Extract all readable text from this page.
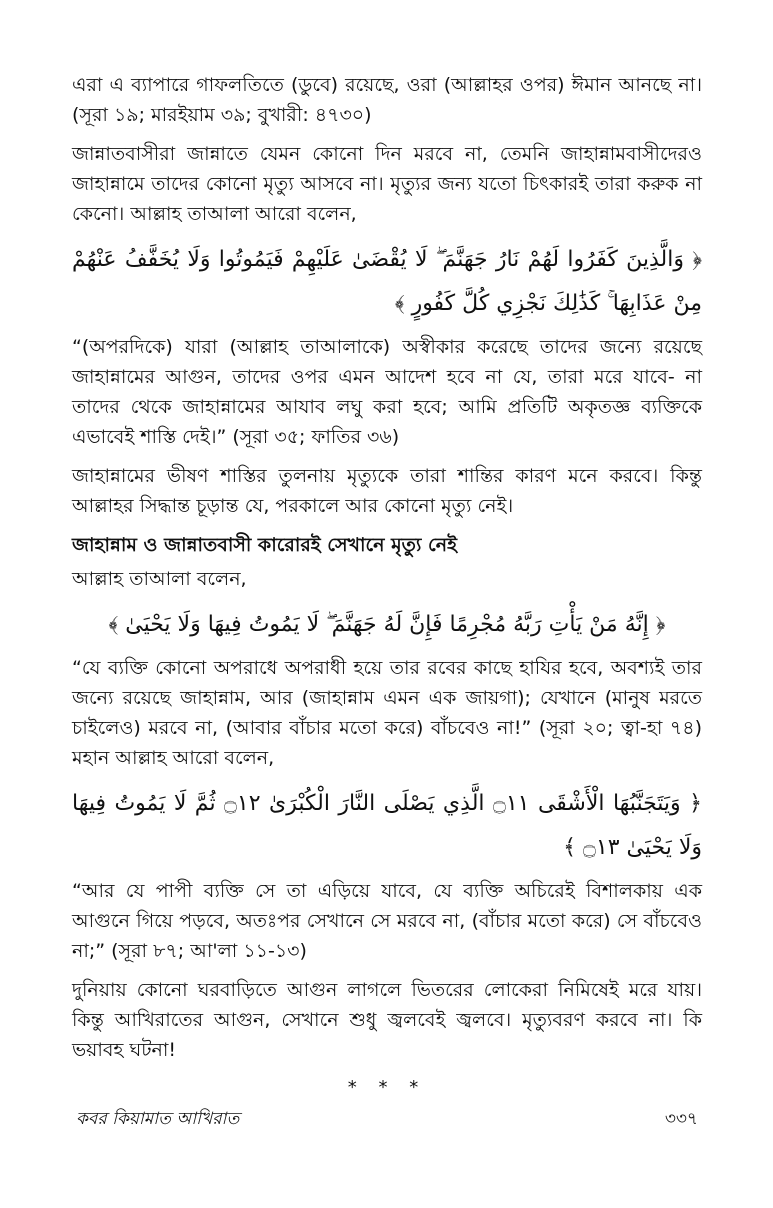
এরা এ ব্যাপারে গাফলতিতে (ডুবে) রয়েছে, ওরা (আল্লাহর ওপর) ঈমান আনছে না। (সূরা ১৯; মারইয়াম ৩৯; বুখারী: ৪৭৩০)

জান্নাতবাসীরা জান্নাতে যেমন কোনো দিন মরবে না, তেমনি জাহান্নামবাসীদেরও জাহান্নামে তাদের কোনো মৃত্যু আসবে না। মৃত্যুর জন্য যতো চিৎকারই তারা করুক না কেনো। আল্লাহ তাআলা আরো বলেন,

﴿ وَالَّذِينَ كَفَرُوا لَهُمْ نَارُ جَهَنَّمَ ۖ لَا يُقْضَىٰ عَلَيْهِمْ فَيَمُوتُوا وَلَا يُخَفَّفُ عَنْهُمْ مِنْ عَذَابِهَا ۚ كَذَٰلِكَ نَجْزِي كُلَّ كَفُورٍ ﴾

“(অপরদিকে) যারা (আল্লাহ তাআলাকে) অস্বীকার করেছে তাদের জন্যে রয়েছে জাহান্নামের আগুন, তাদের ওপর এমন আদেশ হবে না যে, তারা মরে যাবে- না তাদের থেকে জাহান্নামের আযাব লঘু করা হবে; আমি প্রতিটি অকৃতজ্ঞ ব্যক্তিকে এভাবেই শাস্তি দেই।” (সূরা ৩৫; ফাতির ৩৬)

জাহান্নামের ভীষণ শাস্তির তুলনায় মৃত্যুকে তারা শান্তির কারণ মনে করবে। কিন্তু আল্লাহর সিদ্ধান্ত চূড়ান্ত যে, পরকালে আর কোনো মৃত্যু নেই।

জাহান্নাম ও জান্নাতবাসী কারোরই সেখানে মৃত্যু নেই

আল্লাহ তাআলা বলেন,

﴿ إِنَّهُ مَنْ يَأْتِ رَبَّهُ مُجْرِمًا فَإِنَّ لَهُ جَهَنَّمَ ۖ لَا يَمُوتُ فِيهَا وَلَا يَحْيَىٰ ﴾

“যে ব্যক্তি কোনো অপরাধে অপরাধী হয়ে তার রবের কাছে হাযির হবে, অবশ্যই তার জন্যে রয়েছে জাহান্নাম, আর (জাহান্নাম এমন এক জায়গা); যেখানে (মানুষ মরতে চাইলেও) মরবে না, (আবার বাঁচার মতো করে) বাঁচবেও না!” (সূরা ২০; ত্বা-হা ৭৪) মহান আল্লাহ আরো বলেন,

﴿ وَيَتَجَنَّبُهَا الْأَشْقَى ۝١١ الَّذِي يَصْلَى النَّارَ الْكُبْرَىٰ ۝١٢ ثُمَّ لَا يَمُوتُ فِيهَا وَلَا يَحْيَىٰ ۝١٣ ﴾

“আর যে পাপী ব্যক্তি সে তা এড়িয়ে যাবে, যে ব্যক্তি অচিরেই বিশালকায় এক আগুনে গিয়ে পড়বে, অতঃপর সেখানে সে মরবে না, (বাঁচার মতো করে) সে বাঁচবেও না;” (সূরা ৮৭; আ'লা ১১-১৩)

দুনিয়ায় কোনো ঘরবাড়িতে আগুন লাগলে ভিতরের লোকেরা নিমিষেই মরে যায়। কিন্তু আখিরাতের আগুন, সেখানে শুধু জ্বলবেই জ্বলবে। মৃত্যুবরণ করবে না। কি ভয়াবহ ঘটনা!

* * *
কবর কিয়ামাত আখিরাত	৩৩৭
